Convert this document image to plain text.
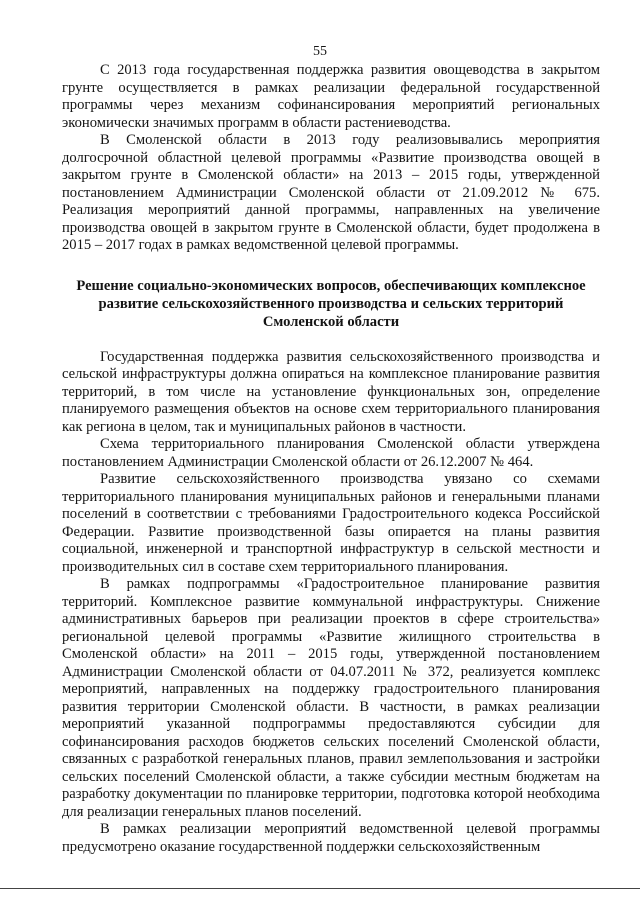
55

С 2013 года государственная поддержка развития овощеводства в закрытом грунте осуществляется в рамках реализации федеральной государственной программы через механизм софинансирования мероприятий региональных экономически значимых программ в области растениеводства.

В Смоленской области в 2013 году реализовывались мероприятия долгосрочной областной целевой программы «Развитие производства овощей в закрытом грунте в Смоленской области» на 2013 – 2015 годы, утвержденной постановлением Администрации Смоленской области от 21.09.2012 № 675. Реализация мероприятий данной программы, направленных на увеличение производства овощей в закрытом грунте в Смоленской области, будет продолжена в 2015 – 2017 годах в рамках ведомственной целевой программы.

Решение социально-экономических вопросов, обеспечивающих комплексное развитие сельскохозяйственного производства и сельских территорий Смоленской области

Государственная поддержка развития сельскохозяйственного производства и сельской инфраструктуры должна опираться на комплексное планирование развития территорий, в том числе на установление функциональных зон, определение планируемого размещения объектов на основе схем территориального планирования как региона в целом, так и муниципальных районов в частности.

Схема территориального планирования Смоленской области утверждена постановлением Администрации Смоленской области от 26.12.2007 № 464.

Развитие сельскохозяйственного производства увязано со схемами территориального планирования муниципальных районов и генеральными планами поселений в соответствии с требованиями Градостроительного кодекса Российской Федерации. Развитие производственной базы опирается на планы развития социальной, инженерной и транспортной инфраструктур в сельской местности и производительных сил в составе схем территориального планирования.

В рамках подпрограммы «Градостроительное планирование развития территорий. Комплексное развитие коммунальной инфраструктуры. Снижение административных барьеров при реализации проектов в сфере строительства» региональной целевой программы «Развитие жилищного строительства в Смоленской области» на 2011 – 2015 годы, утвержденной постановлением Администрации Смоленской области от 04.07.2011 № 372, реализуется комплекс мероприятий, направленных на поддержку градостроительного планирования развития территории Смоленской области. В частности, в рамках реализации мероприятий указанной подпрограммы предоставляются субсидии для софинансирования расходов бюджетов сельских поселений Смоленской области, связанных с разработкой генеральных планов, правил землепользования и застройки сельских поселений Смоленской области, а также субсидии местным бюджетам на разработку документации по планировке территории, подготовка которой необходима для реализации генеральных планов поселений.

В рамках реализации мероприятий ведомственной целевой программы предусмотрено оказание государственной поддержки сельскохозяйственным
